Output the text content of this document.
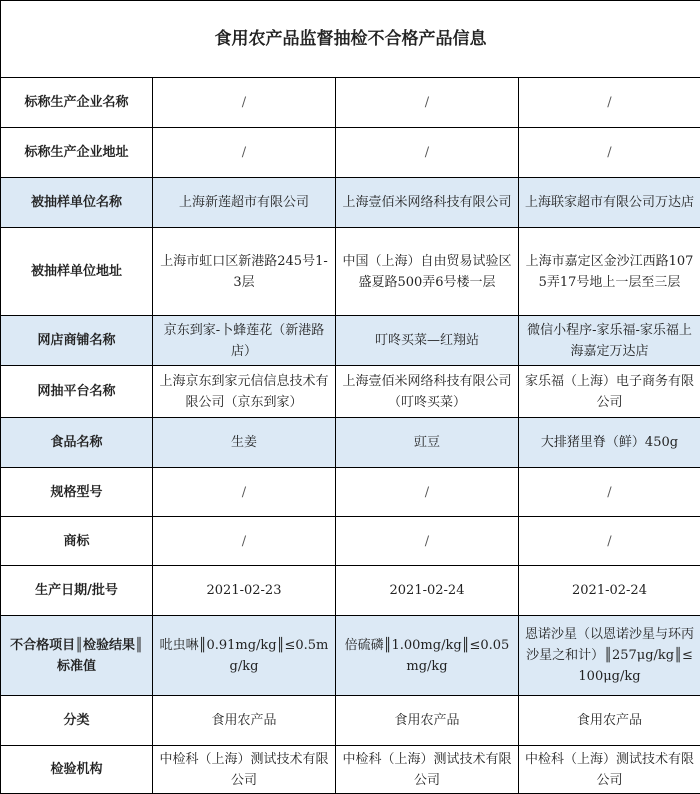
食用农产品监督抽检不合格产品信息			
标称生产企业名称	/	/	/
标称生产企业地址	/	/	/
被抽样单位名称	上海新莲超市有限公司	上海壹佰米网络科技有限公司	上海联家超市有限公司万达店
被抽样单位地址	上海市虹口区新港路245号1-3层	中国（上海）自由贸易试验区盛夏路500弄6号楼一层	上海市嘉定区金沙江西路1075弄17号地上一层至三层
网店商铺名称	京东到家-卜蜂莲花（新港路店）	叮咚买菜—红翔站	微信小程序-家乐福-家乐福上海嘉定万达店
网抽平台名称	上海京东到家元信信息技术有限公司（京东到家）	上海壹佰米网络科技有限公司（叮咚买菜）	家乐福（上海）电子商务有限公司
食品名称	生姜	豇豆	大排猪里脊（鲜）450g
规格型号	/	/	/
商标	/	/	/
生产日期/批号	2021-02-23	2021-02-24	2021-02-24
不合格项目║检验结果║标准值	吡虫啉║0.91mg/kg║≤0.5mg/kg	倍硫磷║1.00mg/kg║≤0.05mg/kg	恩诺沙星（以恩诺沙星与环丙沙星之和计）║257μg/kg║≤100μg/kg
分类	食用农产品	食用农产品	食用农产品
检验机构	中检科（上海）测试技术有限公司	中检科（上海）测试技术有限公司	中检科（上海）测试技术有限公司
